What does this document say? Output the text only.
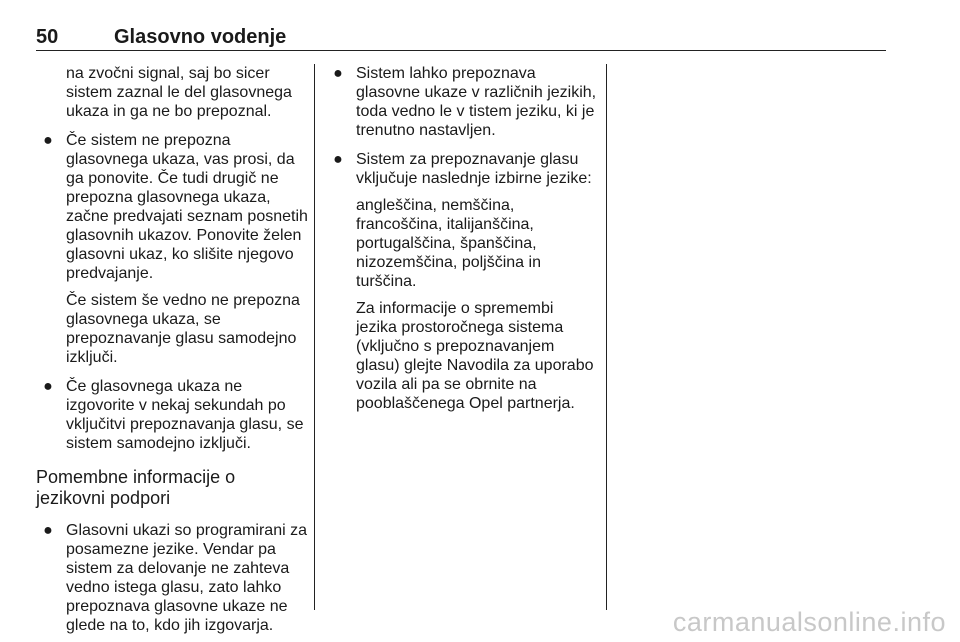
50	Glasovno vodenje

na zvočni signal, saj bo sicer sistem zaznal le del glasovnega ukaza in ga ne bo prepoznal.

● Če sistem ne prepozna glasovnega ukaza, vas prosi, da ga ponovite. Če tudi drugič ne prepozna glasovnega ukaza, začne predvajati seznam posnetih glasovnih ukazov. Ponovite želen glasovni ukaz, ko slišite njegovo predvajanje.

Če sistem še vedno ne prepozna glasovnega ukaza, se prepoznavanje glasu samodejno izključi.

● Če glasovnega ukaza ne izgovorite v nekaj sekundah po vključitvi prepoznavanja glasu, se sistem samodejno izklјuči.

Pomembne informacije o jezikovni podpori
● Glasovni ukazi so programirani za posamezne jezike. Vendar pa sistem za delovanje ne zahteva vedno istega glasu, zato lahko prepoznava glasovne ukaze ne glede na to, kdo jih izgovarja.

● Sistem lahko prepoznava glasovne ukaze v različnih jezikih, toda vedno le v tistem jeziku, ki je trenutno nastavljen.

● Sistem za prepoznavanje glasu vključuje naslednje izbirne jezike:

angleščina, nemščina, francoščina, italijanščina, portugalščina, španščina, nizozemščina, poljščina in turščina.

Za informacije o spremembi jezika prostoročnega sistema (vključno s prepoznavanjem glasu) glejte Navodila za uporabo vozila ali pa se obrnite na pooblaščenega Opel partnerja.

carmanualsonline.info
